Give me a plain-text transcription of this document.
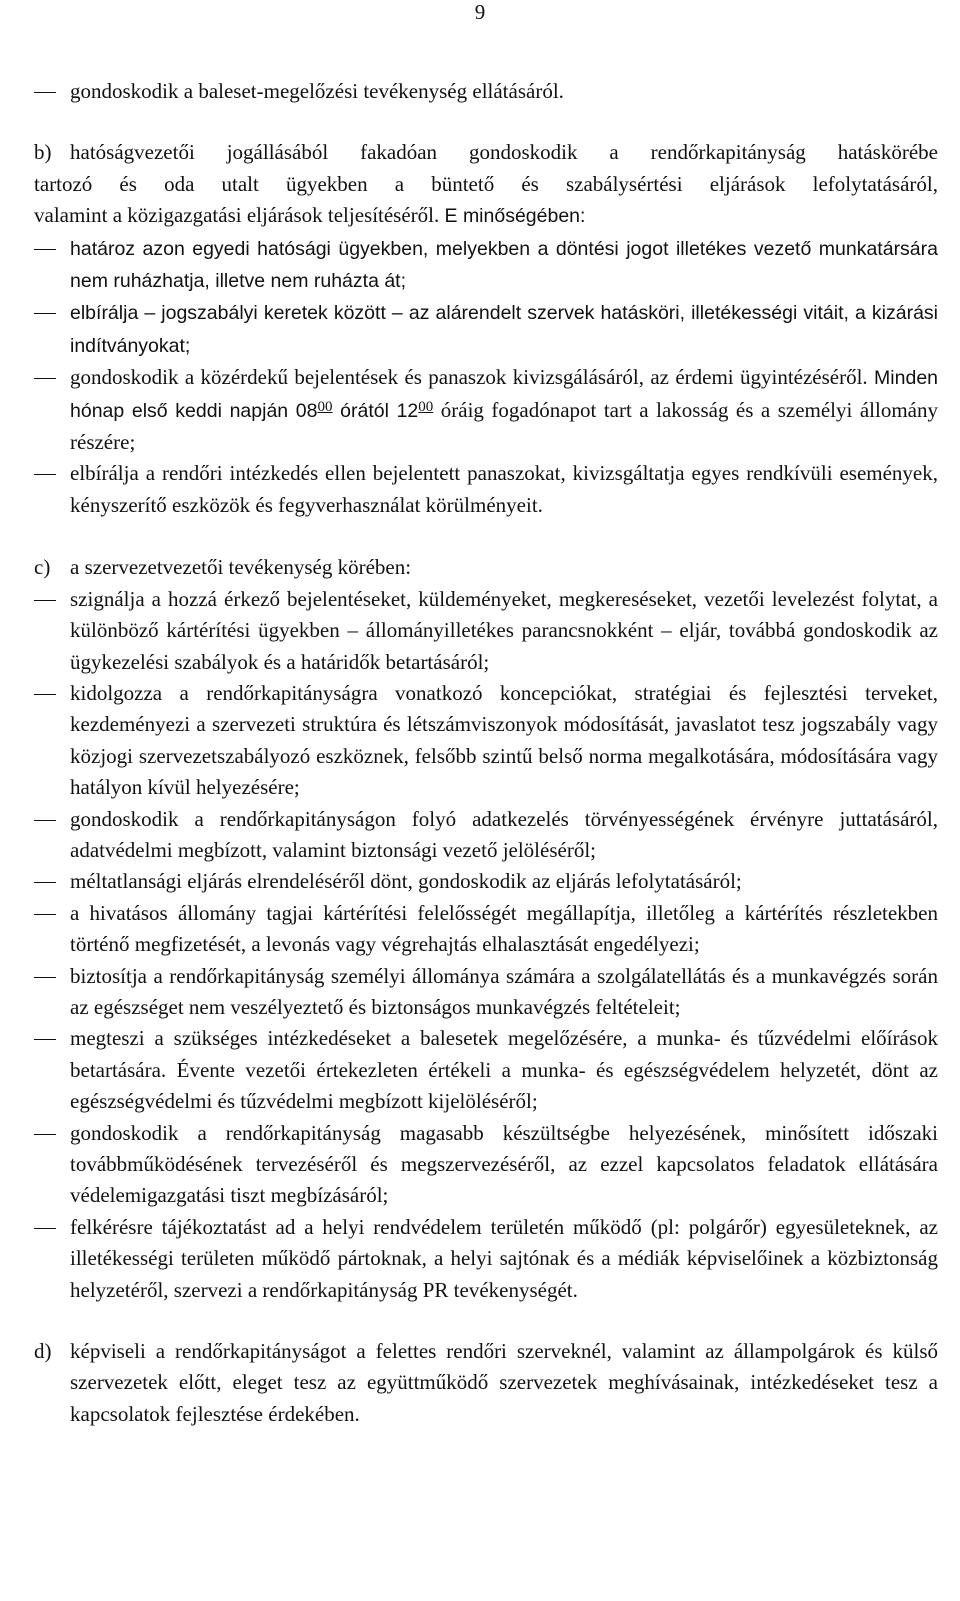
9
gondoskodik a baleset-megelőzési tevékenység ellátásáról.
b) hatóságvezetői jogállásából fakadóan gondoskodik a rendőrkapitányság hatáskörébe
tartozó és oda utalt ügyekben a büntető és szabálysértési eljárások lefolytatásáról,
valamint a közigazgatási eljárások teljesítéséről. E minőségében:
határoz azon egyedi hatósági ügyekben, melyekben a döntési jogot illetékes vezető munkatársára nem ruházhatja, illetve nem ruházta át;
elbírálja – jogszabályi keretek között – az alárendelt szervek hatásköri, illetékességi vitáit, a kizárási indítványokat;
gondoskodik a közérdekű bejelentések és panaszok kivizsgálásáról, az érdemi ügyintézéséről. Minden hónap első keddi napján $08^{00}$ órától $12^{00}$ óráig fogadónapot tart a lakosság és a személyi állomány részére;
elbírálja a rendőri intézkedés ellen bejelentett panaszokat, kivizsgáltatja egyes rendkívüli események, kényszerítő eszközök és fegyverhasználat körülményeit.
c) a szervezetvezetői tevékenység körében:
szignálja a hozzá érkező bejelentéseket, küldeményeket, megkereséseket, vezetői levelezést folytat, a különböző kártérítési ügyekben – állományilletékes parancsnokként – eljár, továbbá gondoskodik az ügykezelési szabályok és a határidők betartásáról;
kidolgozza a rendőrkapitányságra vonatkozó koncepciókat, stratégiai és fejlesztési terveket, kezdeményezi a szervezeti struktúra és létszámviszonyok módosítását, javaslatot tesz jogszabály vagy közjogi szervezetszabályozó eszköznek, felsőbb szintű belső norma megalkotására, módosítására vagy hatályon kívül helyezésére;
gondoskodik a rendőrkapitányságon folyó adatkezelés törvényességének érvényre juttatásáról, adatvédelmi megbízott, valamint biztonsági vezető jelöléséről;
méltatlansági eljárás elrendeléséről dönt, gondoskodik az eljárás lefolytatásáról;
a hivatásos állomány tagjai kártérítési felelősségét megállapítja, illetőleg a kártérítés részletekben történő megfizetését, a levonás vagy végrehajtás elhalasztását engedélyezi;
biztosítja a rendőrkapitányság személyi állománya számára a szolgálatellátás és a munkavégzés során az egészséget nem veszélyeztető és biztonságos munkavégzés feltételeit;
megteszi a szükséges intézkedéseket a balesetek megelőzésére, a munka- és tűzvédelmi előírások betartására. Évente vezetői értekezleten értékeli a munka- és egészségvédelem helyzetét, dönt az egészségvédelmi és tűzvédelmi megbízott kijelöléséről;
gondoskodik a rendőrkapitányság magasabb készültségbe helyezésének, minősített időszaki továbbműködésének tervezéséről és megszervezéséről, az ezzel kapcsolatos feladatok ellátására védelemigazgatási tiszt megbízásáról;
felkérésre tájékoztatást ad a helyi rendvédelem területén működő (pl: polgárőr) egyesületeknek, az illetékességi területen működő pártoknak, a helyi sajtónak és a médiák képviselőinek a közbiztonság helyzetéről, szervezi a rendőrkapitányság PR tevékenységét.
d) képviseli a rendőrkapitányságot a felettes rendőri szerveknél, valamint az állampolgárok és külső szervezetek előtt, eleget tesz az együttműködő szervezetek meghívásainak, intézkedéseket tesz a kapcsolatok fejlesztése érdekében.
